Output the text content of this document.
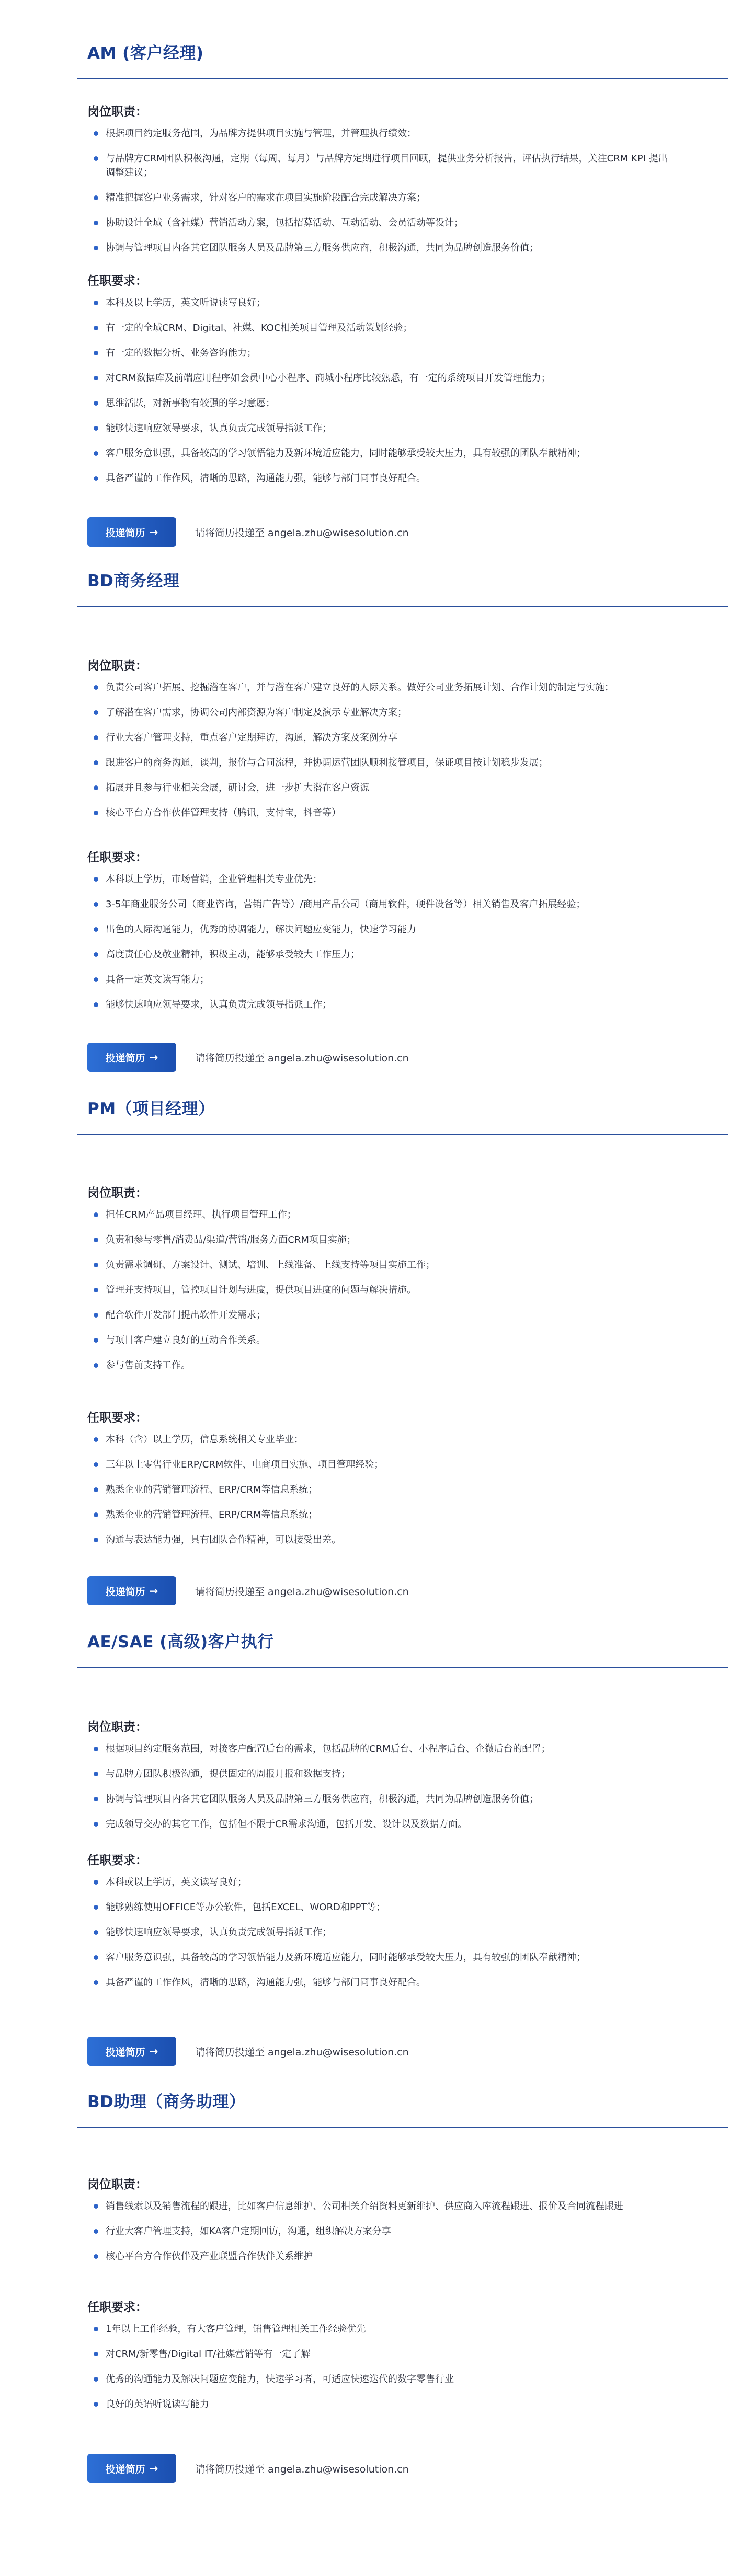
AM (客户经理)
岗位职责：
根据项目约定服务范围，为品牌方提供项目实施与管理，并管理执行绩效；
与品牌方CRM团队积极沟通，定期（每周、每月）与品牌方定期进行项目回顾，提供业务分析报告，评估执行结果，关注CRM KPI 提出调整建议；
精准把握客户业务需求，针对客户的需求在项目实施阶段配合完成解决方案；
协助设计全域（含社媒）营销活动方案，包括招募活动、互动活动、会员活动等设计；
协调与管理项目内各其它团队服务人员及品牌第三方服务供应商，积极沟通，共同为品牌创造服务价值；
任职要求：
本科及以上学历，英文听说读写良好；
有一定的全域CRM、Digital、社媒、KOC相关项目管理及活动策划经验；
有一定的数据分析、业务咨询能力；
对CRM数据库及前端应用程序如会员中心小程序、商城小程序比较熟悉，有一定的系统项目开发管理能力；
思维活跃，对新事物有较强的学习意愿；
能够快速响应领导要求，认真负责完成领导指派工作；
客户服务意识强，具备较高的学习领悟能力及新环境适应能力，同时能够承受较大压力，具有较强的团队奉献精神；
具备严谨的工作作风，清晰的思路，沟通能力强，能够与部门同事良好配合。
投递简历 →	请将简历投递至 angela.zhu@wisesolution.cn
BD商务经理
岗位职责：
负责公司客户拓展、挖掘潜在客户，并与潜在客户建立良好的人际关系。做好公司业务拓展计划、合作计划的制定与实施；
了解潜在客户需求，协调公司内部资源为客户制定及演示专业解决方案；
行业大客户管理支持，重点客户定期拜访，沟通，解决方案及案例分享
跟进客户的商务沟通，谈判，报价与合同流程，并协调运营团队顺利接管项目，保证项目按计划稳步发展；
拓展并且参与行业相关会展，研讨会，进一步扩大潜在客户资源
核心平台方合作伙伴管理支持（腾讯，支付宝，抖音等）
任职要求：
本科以上学历，市场营销，企业管理相关专业优先；
3-5年商业服务公司（商业咨询，营销广告等）/商用产品公司（商用软件，硬件设备等）相关销售及客户拓展经验；
出色的人际沟通能力，优秀的协调能力，解决问题应变能力，快速学习能力
高度责任心及敬业精神，积极主动，能够承受较大工作压力；
具备一定英文读写能力；
能够快速响应领导要求，认真负责完成领导指派工作；
投递简历 →	请将简历投递至 angela.zhu@wisesolution.cn
PM（项目经理）
岗位职责：
担任CRM产品项目经理、执行项目管理工作；
负责和参与零售/消费品/渠道/营销/服务方面CRM项目实施；
负责需求调研、方案设计、测试、培训、上线准备、上线支持等项目实施工作；
管理并支持项目，管控项目计划与进度，提供项目进度的问题与解决措施。
配合软件开发部门提出软件开发需求；
与项目客户建立良好的互动合作关系。
参与售前支持工作。
任职要求：
本科（含）以上学历，信息系统相关专业毕业；
三年以上零售行业ERP/CRM软件、电商项目实施、项目管理经验；
熟悉企业的营销管理流程、ERP/CRM等信息系统；
熟悉企业的营销管理流程、ERP/CRM等信息系统；
沟通与表达能力强，具有团队合作精神，可以接受出差。
投递简历 →	请将简历投递至 angela.zhu@wisesolution.cn
AE/SAE (高级)客户执行
岗位职责：
根据项目约定服务范围，对接客户配置后台的需求，包括品牌的CRM后台、小程序后台、企微后台的配置；
与品牌方团队积极沟通，提供固定的周报月报和数据支持；
协调与管理项目内各其它团队服务人员及品牌第三方服务供应商，积极沟通，共同为品牌创造服务价值；
完成领导交办的其它工作，包括但不限于CR需求沟通，包括开发、设计以及数据方面。
任职要求：
本科或以上学历，英文读写良好；
能够熟练使用OFFICE等办公软件，包括EXCEL、WORD和PPT等；
能够快速响应领导要求，认真负责完成领导指派工作；
客户服务意识强，具备较高的学习领悟能力及新环境适应能力，同时能够承受较大压力，具有较强的团队奉献精神；
具备严谨的工作作风，清晰的思路，沟通能力强，能够与部门同事良好配合。
投递简历 →	请将简历投递至 angela.zhu@wisesolution.cn
BD助理（商务助理）
岗位职责：
销售线索以及销售流程的跟进，比如客户信息维护、公司相关介绍资料更新维护、供应商入库流程跟进、报价及合同流程跟进
行业大客户管理支持，如KA客户定期回访，沟通，组织解决方案分享
核心平台方合作伙伴及产业联盟合作伙伴关系维护
任职要求：
1年以上工作经验，有大客户管理，销售管理相关工作经验优先
对CRM/新零售/Digital IT/社媒营销等有一定了解
优秀的沟通能力及解决问题应变能力，快速学习者，可适应快速迭代的数字零售行业
良好的英语听说读写能力
投递简历 →	请将简历投递至 angela.zhu@wisesolution.cn
